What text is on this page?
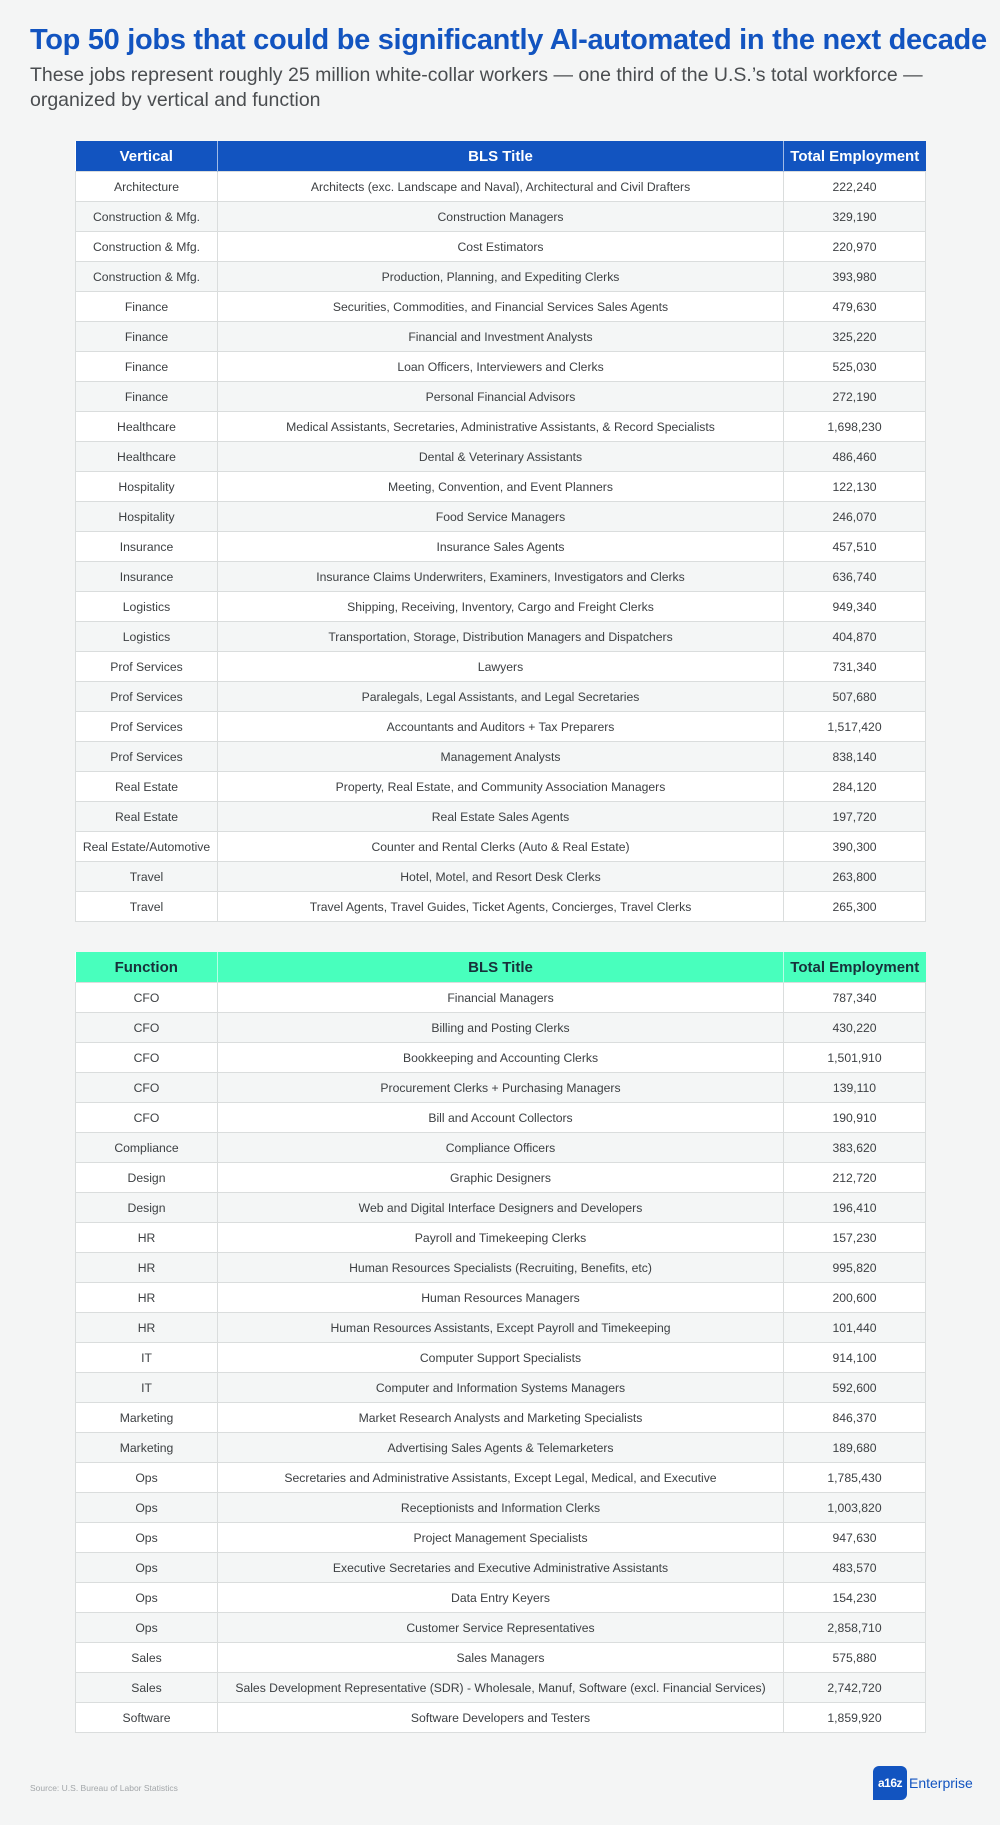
Top 50 jobs that could be significantly AI-automated in the next decade
These jobs represent roughly 25 million white-collar workers — one third of the U.S.’s total workforce — organized by vertical and function
Vertical	BLS Title	Total Employment
Architecture	Architects (exc. Landscape and Naval), Architectural and Civil Drafters	222,240
Construction & Mfg.	Construction Managers	329,190
Construction & Mfg.	Cost Estimators	220,970
Construction & Mfg.	Production, Planning, and Expediting Clerks	393,980
Finance	Securities, Commodities, and Financial Services Sales Agents	479,630
Finance	Financial and Investment Analysts	325,220
Finance	Loan Officers, Interviewers and Clerks	525,030
Finance	Personal Financial Advisors	272,190
Healthcare	Medical Assistants, Secretaries, Administrative Assistants, & Record Specialists	1,698,230
Healthcare	Dental & Veterinary Assistants	486,460
Hospitality	Meeting, Convention, and Event Planners	122,130
Hospitality	Food Service Managers	246,070
Insurance	Insurance Sales Agents	457,510
Insurance	Insurance Claims Underwriters, Examiners, Investigators and Clerks	636,740
Logistics	Shipping, Receiving, Inventory, Cargo and Freight Clerks	949,340
Logistics	Transportation, Storage, Distribution Managers and Dispatchers	404,870
Prof Services	Lawyers	731,340
Prof Services	Paralegals, Legal Assistants, and Legal Secretaries	507,680
Prof Services	Accountants and Auditors + Tax Preparers	1,517,420
Prof Services	Management Analysts	838,140
Real Estate	Property, Real Estate, and Community Association Managers	284,120
Real Estate	Real Estate Sales Agents	197,720
Real Estate/Automotive	Counter and Rental Clerks (Auto & Real Estate)	390,300
Travel	Hotel, Motel, and Resort Desk Clerks	263,800
Travel	Travel Agents, Travel Guides, Ticket Agents, Concierges, Travel Clerks	265,300
Function	BLS Title	Total Employment
CFO	Financial Managers	787,340
CFO	Billing and Posting Clerks	430,220
CFO	Bookkeeping and Accounting Clerks	1,501,910
CFO	Procurement Clerks + Purchasing Managers	139,110
CFO	Bill and Account Collectors	190,910
Compliance	Compliance Officers	383,620
Design	Graphic Designers	212,720
Design	Web and Digital Interface Designers and Developers	196,410
HR	Payroll and Timekeeping Clerks	157,230
HR	Human Resources Specialists (Recruiting, Benefits, etc)	995,820
HR	Human Resources Managers	200,600
HR	Human Resources Assistants, Except Payroll and Timekeeping	101,440
IT	Computer Support Specialists	914,100
IT	Computer and Information Systems Managers	592,600
Marketing	Market Research Analysts and Marketing Specialists	846,370
Marketing	Advertising Sales Agents & Telemarketers	189,680
Ops	Secretaries and Administrative Assistants, Except Legal, Medical, and Executive	1,785,430
Ops	Receptionists and Information Clerks	1,003,820
Ops	Project Management Specialists	947,630
Ops	Executive Secretaries and Executive Administrative Assistants	483,570
Ops	Data Entry Keyers	154,230
Ops	Customer Service Representatives	2,858,710
Sales	Sales Managers	575,880
Sales	Sales Development Representative (SDR) - Wholesale, Manuf, Software (excl. Financial Services)	2,742,720
Software	Software Developers and Testers	1,859,920
Source: U.S. Bureau of Labor Statistics	a16z Enterprise
